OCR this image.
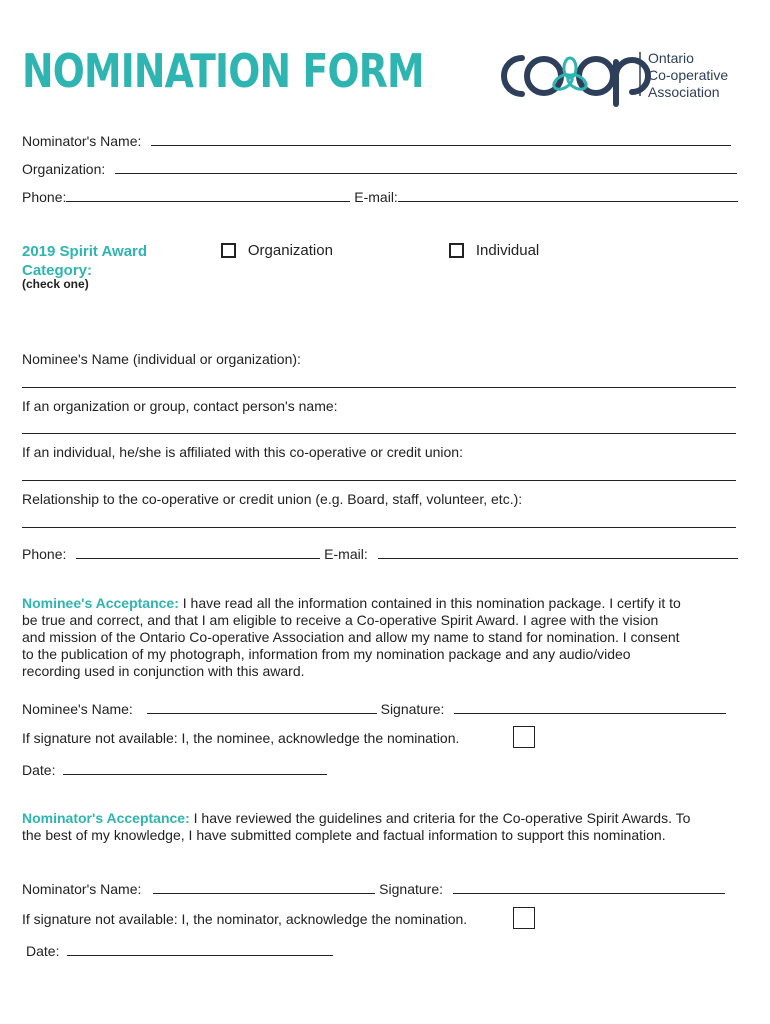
NOMINATION FORM	Ontario
Co-operative
Association
Nominator's Name:
Organization:
Phone:	E-mail:
2019 Spirit Award
Category:
(check one)
Organization	Individual
Nominee's Name (individual or organization):
If an organization or group, contact person's name:
If an individual, he/she is affiliated with this co-operative or credit union:
Relationship to the co-operative or credit union (e.g. Board, staff, volunteer, etc.):
Phone:	E-mail:
Nominee's Acceptance: I have read all the information contained in this nomination package. I certify it to
be true and correct, and that I am eligible to receive a Co-operative Spirit Award. I agree with the vision
and mission of the Ontario Co-operative Association and allow my name to stand for nomination. I consent
to the publication of my photograph, information from my nomination package and any audio/video
recording used in conjunction with this award.
Nominee's Name:	Signature:
If signature not available: I, the nominee, acknowledge the nomination.
Date:
Nominator's Acceptance: I have reviewed the guidelines and criteria for the Co-operative Spirit Awards. To
the best of my knowledge, I have submitted complete and factual information to support this nomination.
Nominator's Name:	Signature:
If signature not available: I, the nominator, acknowledge the nomination.
Date:
